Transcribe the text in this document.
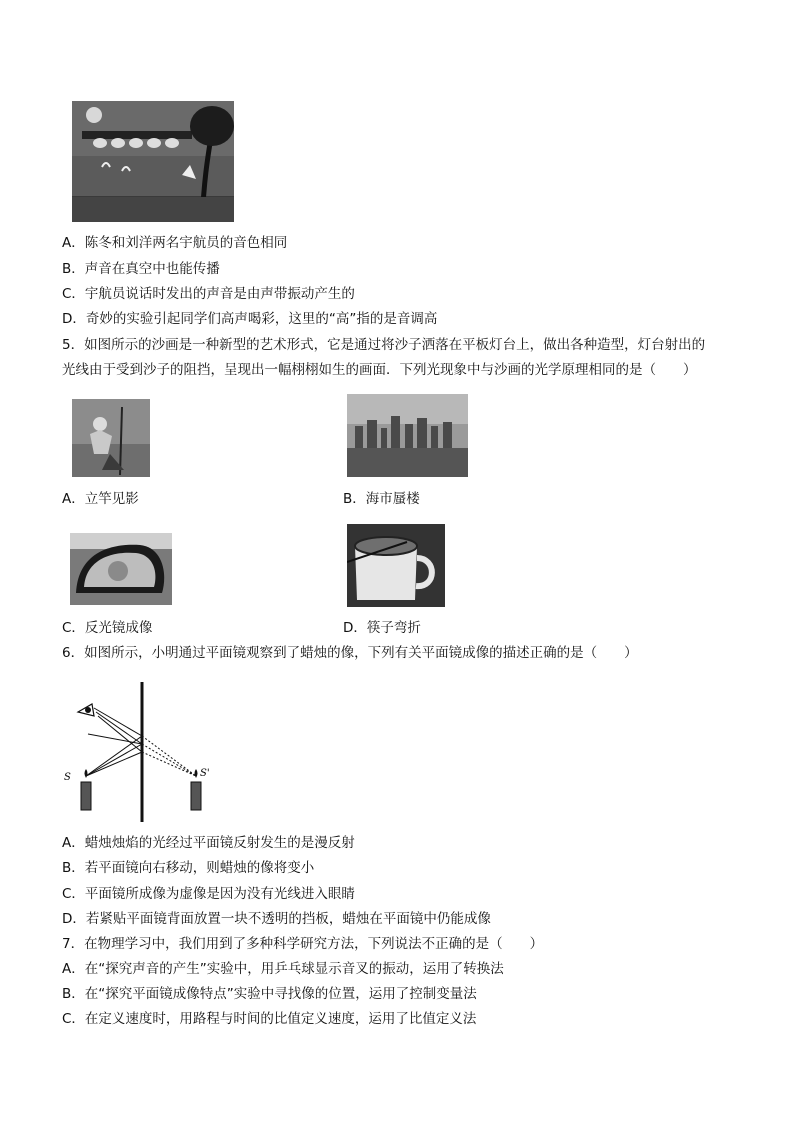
A．陈冬和刘洋两名宇航员的音色相同
B．声音在真空中也能传播
C．宇航员说话时发出的声音是由声带振动产生的
D．奇妙的实验引起同学们高声喝彩，这里的“高”指的是音调高
5．如图所示的沙画是一种新型的艺术形式，它是通过将沙子洒落在平板灯台上，做出各种造型，灯台射出的
光线由于受到沙子的阻挡，呈现出一幅栩栩如生的画面．下列光现象中与沙画的光学原理相同的是（　　）
A．立竿见影	B．海市蜃楼
C．反光镜成像	D．筷子弯折
6．如图所示，小明通过平面镜观察到了蜡烛的像，下列有关平面镜成像的描述正确的是（　　）
S	S'
A．蜡烛烛焰的光经过平面镜反射发生的是漫反射
B．若平面镜向右移动，则蜡烛的像将变小
C．平面镜所成像为虚像是因为没有光线进入眼睛
D．若紧贴平面镜背面放置一块不透明的挡板，蜡烛在平面镜中仍能成像
7．在物理学习中，我们用到了多种科学研究方法，下列说法不正确的是（　　）
A．在“探究声音的产生”实验中，用乒乓球显示音叉的振动，运用了转换法
B．在“探究平面镜成像特点”实验中寻找像的位置，运用了控制变量法
C．在定义速度时，用路程与时间的比值定义速度，运用了比值定义法
